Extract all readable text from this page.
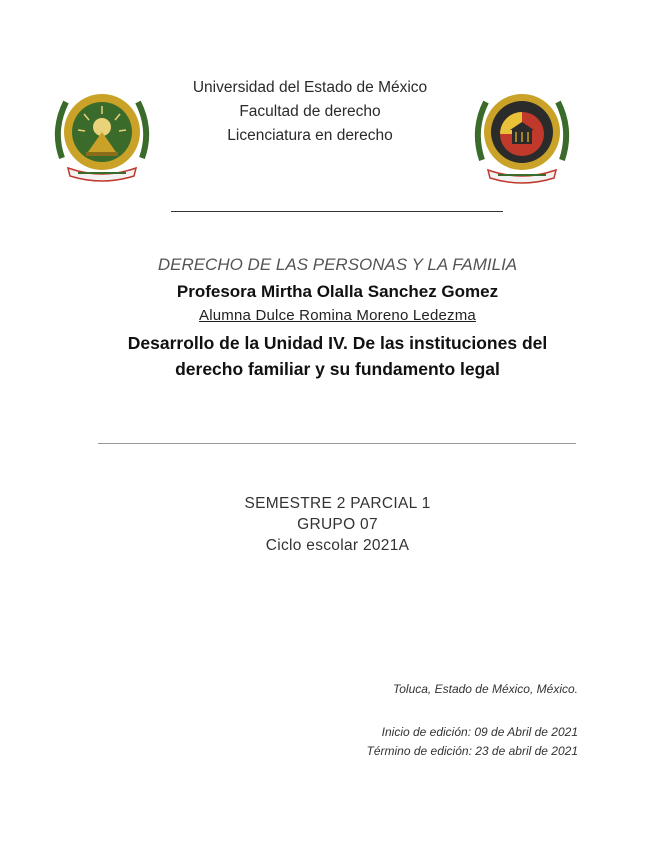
Universidad del Estado de México
Facultad de derecho
Licenciatura en derecho
DERECHO DE LAS PERSONAS Y LA FAMILIA
Profesora Mirtha Olalla Sanchez Gomez
Alumna Dulce Romina Moreno Ledezma
Desarrollo de la Unidad IV. De las instituciones del derecho familiar y su fundamento legal
SEMESTRE 2 PARCIAL 1
GRUPO 07
Ciclo escolar 2021A
Toluca, Estado de México, México.
Inicio de edición: 09 de Abril de 2021
Término de edición: 23 de abril de 2021
